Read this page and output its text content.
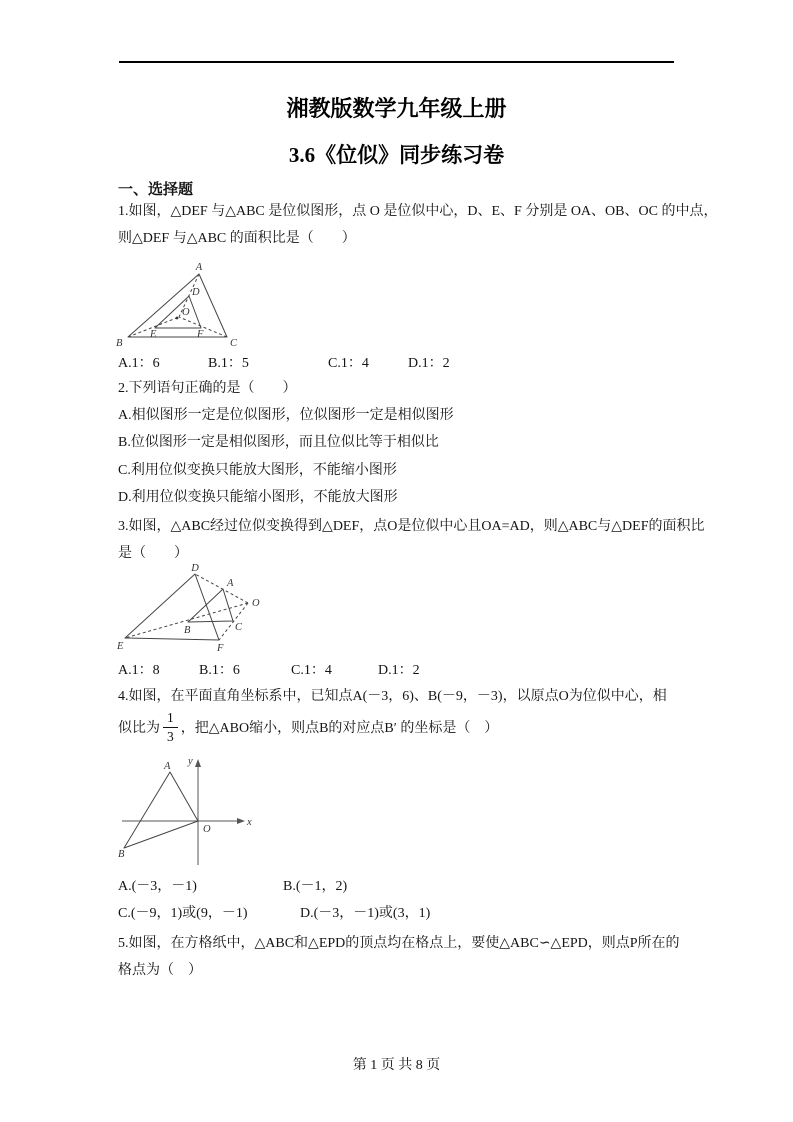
湘教版数学九年级上册
3.6《位似》同步练习卷
一、选择题
1.如图，△DEF 与△ABC 是位似图形，点 O 是位似中心，D、E、F 分别是 OA、OB、OC 的中点，
则△DEF 与△ABC 的面积比是（　　）
A
B	C
D
E	F
O
A.1：6	B.1：5	C.1：4	D.1：2
2.下列语句正确的是（　　）
A.相似图形一定是位似图形，位似图形一定是相似图形
B.位似图形一定是相似图形，而且位似比等于相似比
C.利用位似变换只能放大图形，不能缩小图形
D.利用位似变换只能缩小图形，不能放大图形
3.如图，△ABC经过位似变换得到△DEF，点O是位似中心且OA=AD，则△ABC与△DEF的面积比
是（　　）
D
A
O
B	C
E	F
A.1：8	B.1：6	C.1：4	D.1：2
4.如图，在平面直角坐标系中，已知点A(－3，6)、B(－9，－3)，以原点O为位似中心，相
似比为 $\frac{1}{3}$ ，把△ABO缩小，则点B的对应点B′ 的坐标是（　）
y
x
O
A
B
A.(－3，－1)	B.(－1，2)
C.(－9，1)或(9，－1)	D.(－3，－1)或(3，1)
5.如图，在方格纸中，△ABC和△EPD的顶点均在格点上，要使△ABC∽△EPD，则点P所在的
格点为（　）
第 1 页 共 8 页
